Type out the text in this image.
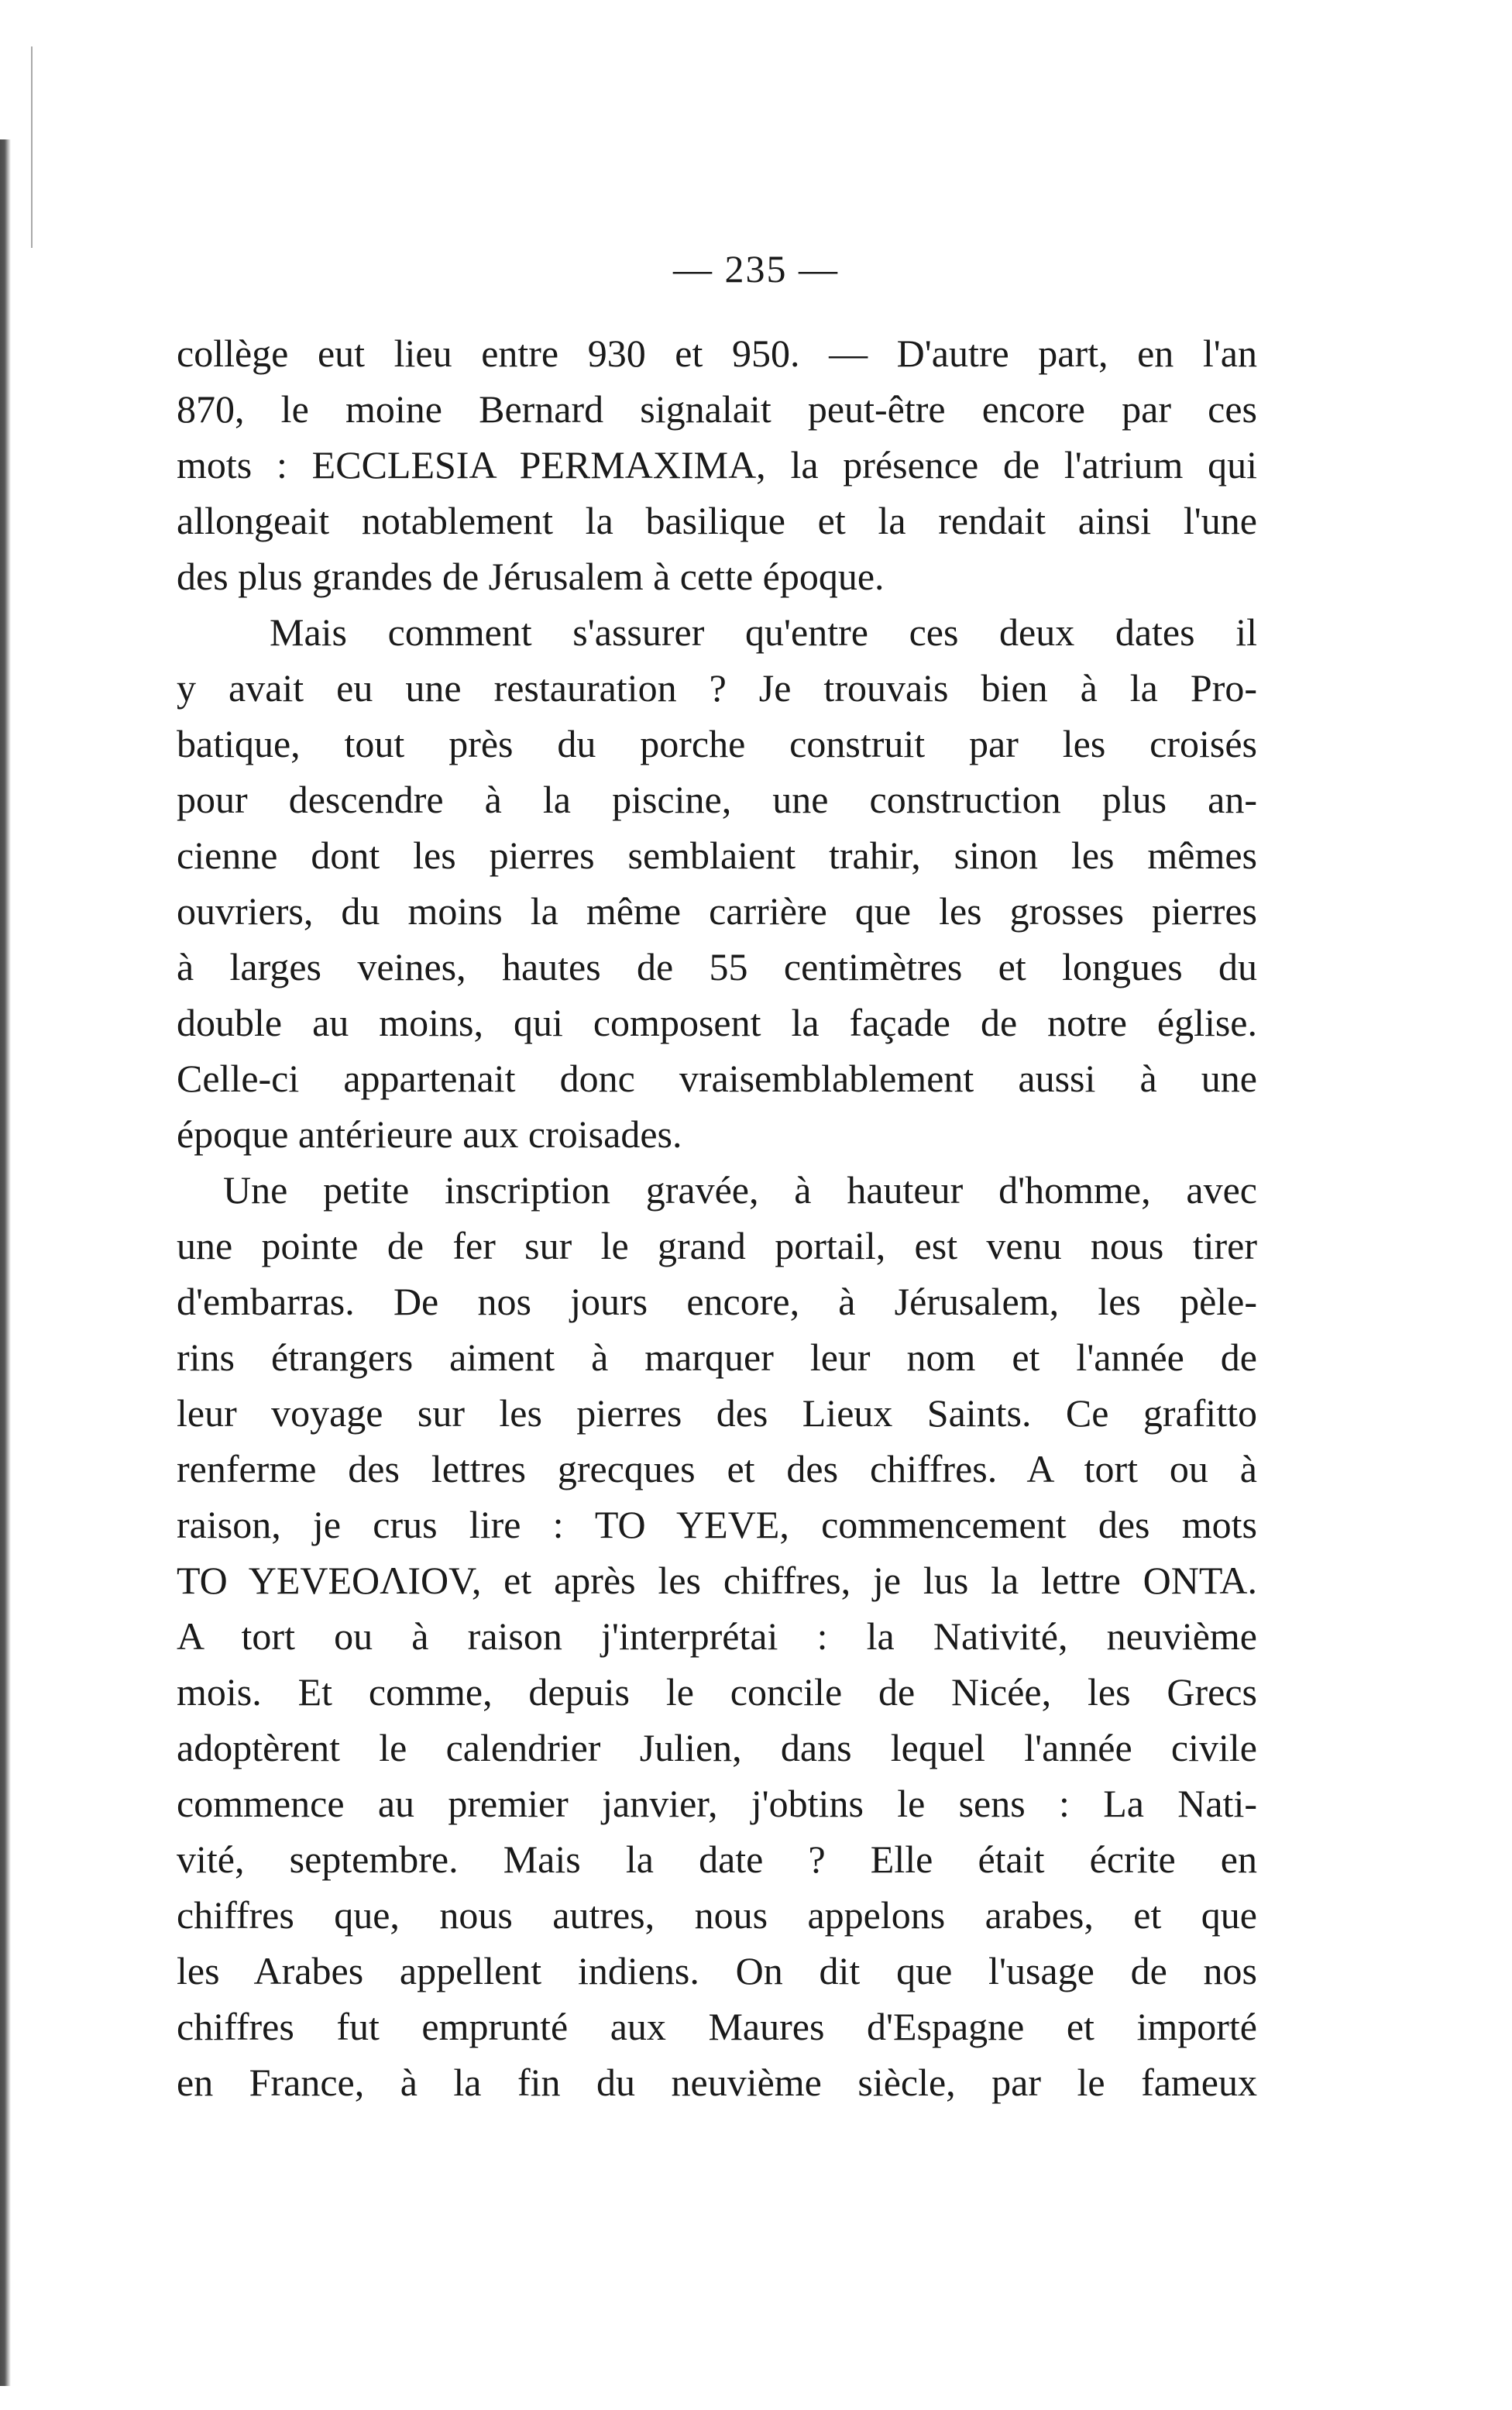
— 235 —
collège eut lieu entre 930 et 950. — D'autre part, en l'an
870, le moine Bernard signalait peut-être encore par ces
mots : ECCLESIA PERMAXIMA, la présence de l'atrium qui
allongeait notablement la basilique et la rendait ainsi l'une
des plus grandes de Jérusalem à cette époque.
Mais comment s'assurer qu'entre ces deux dates il
y avait eu une restauration ? Je trouvais bien à la Pro-
batique, tout près du porche construit par les croisés
pour descendre à la piscine, une construction plus an-
cienne dont les pierres semblaient trahir, sinon les mêmes
ouvriers, du moins la même carrière que les grosses pierres
à larges veines, hautes de 55 centimètres et longues du
double au moins, qui composent la façade de notre église.
Celle-ci appartenait donc vraisemblablement aussi à une
époque antérieure aux croisades.
Une petite inscription gravée, à hauteur d'homme, avec
une pointe de fer sur le grand portail, est venu nous tirer
d'embarras. De nos jours encore, à Jérusalem, les pèle-
rins étrangers aiment à marquer leur nom et l'année de
leur voyage sur les pierres des Lieux Saints. Ce grafitto
renferme des lettres grecques et des chiffres. A tort ou à
raison, je crus lire : TO YEVE, commencement des mots
TO YEVEOΛΙΟV, et après les chiffres, je lus la lettre ONTA.
A tort ou à raison j'interprétai : la Nativité, neuvième
mois. Et comme, depuis le concile de Nicée, les Grecs
adoptèrent le calendrier Julien, dans lequel l'année civile
commence au premier janvier, j'obtins le sens : La Nati-
vité, septembre. Mais la date ? Elle était écrite en
chiffres que, nous autres, nous appelons arabes, et que
les Arabes appellent indiens. On dit que l'usage de nos
chiffres fut emprunté aux Maures d'Espagne et importé
en France, à la fin du neuvième siècle, par le fameux
